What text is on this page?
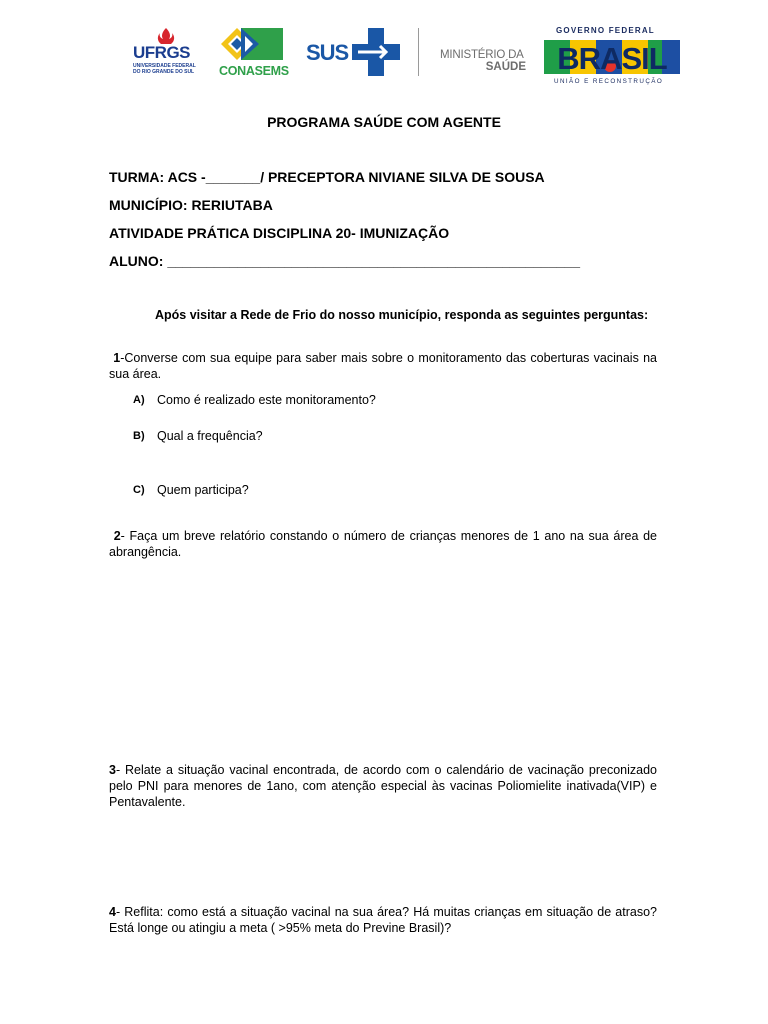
UFRGS
UNIVERSIDADE FEDERAL
DO RIO GRANDE DO SUL	CONASEMS
SUS	MINISTÉRIO DA
SAÚDE
GOVERNO FEDERAL
BRASIL
UNIÃO E RECONSTRUÇÃO
PROGRAMA SAÚDE COM AGENTE
TURMA: ACS -_______/ PRECEPTORA NIVIANE SILVA DE SOUSA
MUNICÍPIO: RERIUTABA
ATIVIDADE PRÁTICA DISCIPLINA 20- IMUNIZAÇÃO
ALUNO: _____________________________________________________
Após visitar a Rede de Frio do nosso município, responda as seguintes perguntas:
1-Converse com sua equipe para saber mais sobre o monitoramento das coberturas vacinais na sua área.
A) Como é realizado este monitoramento?
B) Qual a frequência?
C) Quem participa?
2- Faça um breve relatório constando o número de crianças menores de 1 ano na sua área de abrangência.
3- Relate a situação vacinal encontrada, de acordo com o calendário de vacinação preconizado pelo PNI para menores de 1ano, com atenção especial às vacinas Poliomielite inativada(VIP) e Pentavalente.
4- Reflita: como está a situação vacinal na sua área? Há muitas crianças em situação de atraso? Está longe ou atingiu a meta ( >95% meta do Previne Brasil)?
